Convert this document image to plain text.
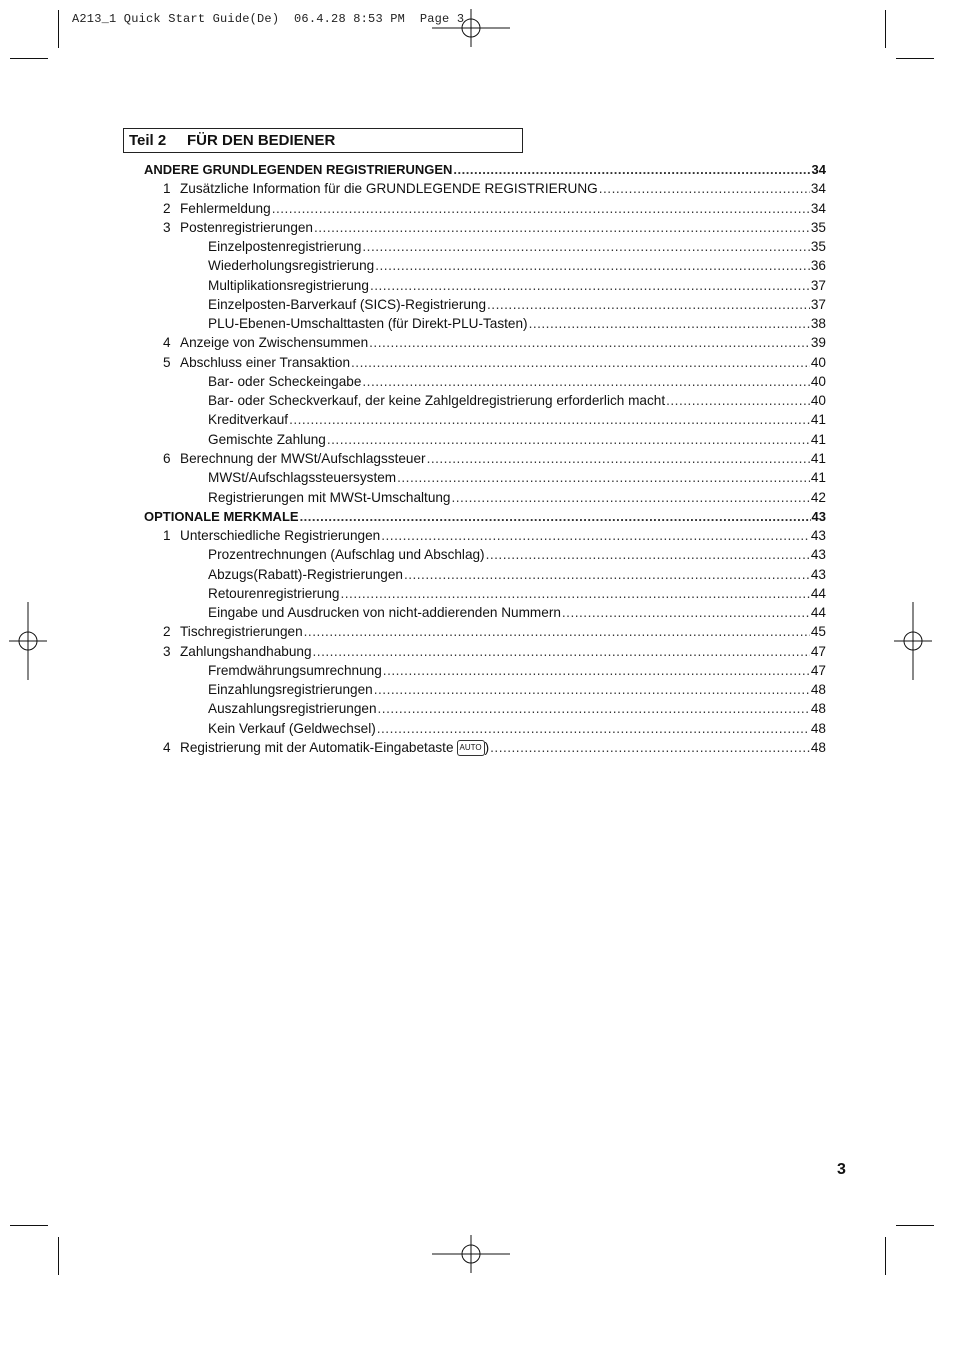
A213_1 Quick Start Guide(De)  06.4.28 8:53 PM  Page 3
Teil 2 FÜR DEN BEDIENER
ANDERE GRUNDLEGENDEN REGISTRIERUNGEN .....	34
1 Zusätzliche Information für die GRUNDLEGENDE REGISTRIERUNG .....	34
2 Fehlermeldung .....	34
3 Postenregistrierungen .....	35
Einzelpostenregistrierung .....	35
Wiederholungsregistrierung .....	36
Multiplikationsregistrierung .....	37
Einzelposten-Barverkauf (SICS)-Registrierung .....	37
PLU-Ebenen-Umschalttasten (für Direkt-PLU-Tasten) .....	38
4 Anzeige von Zwischensummen .....	39
5 Abschluss einer Transaktion .....	40
Bar- oder Scheckeingabe .....	40
Bar- oder Scheckverkauf, der keine Zahlgeldregistrierung erforderlich macht .....	40
Kreditverkauf .....	41
Gemischte Zahlung .....	41
6 Berechnung der MWSt/Aufschlagssteuer .....	41
MWSt/Aufschlagssteuersystem .....	41
Registrierungen mit MWSt-Umschaltung .....	42
OPTIONALE MERKMALE .....	43
1 Unterschiedliche Registrierungen .....	43
Prozentrechnungen (Aufschlag und Abschlag) .....	43
Abzugs(Rabatt)-Registrierungen .....	43
Retourenregistrierung .....	44
Eingabe und Ausdrucken von nicht-addierenden Nummern .....	44
2 Tischregistrierungen .....	45
3 Zahlungshandhabung .....	47
Fremdwährungsumrechnung .....	47
Einzahlungsregistrierungen .....	48
Auszahlungsregistrierungen .....	48
Kein Verkauf (Geldwechsel) .....	48
4 Registrierung mit der Automatik-Eingabetaste AUTO ) .....	48
3
